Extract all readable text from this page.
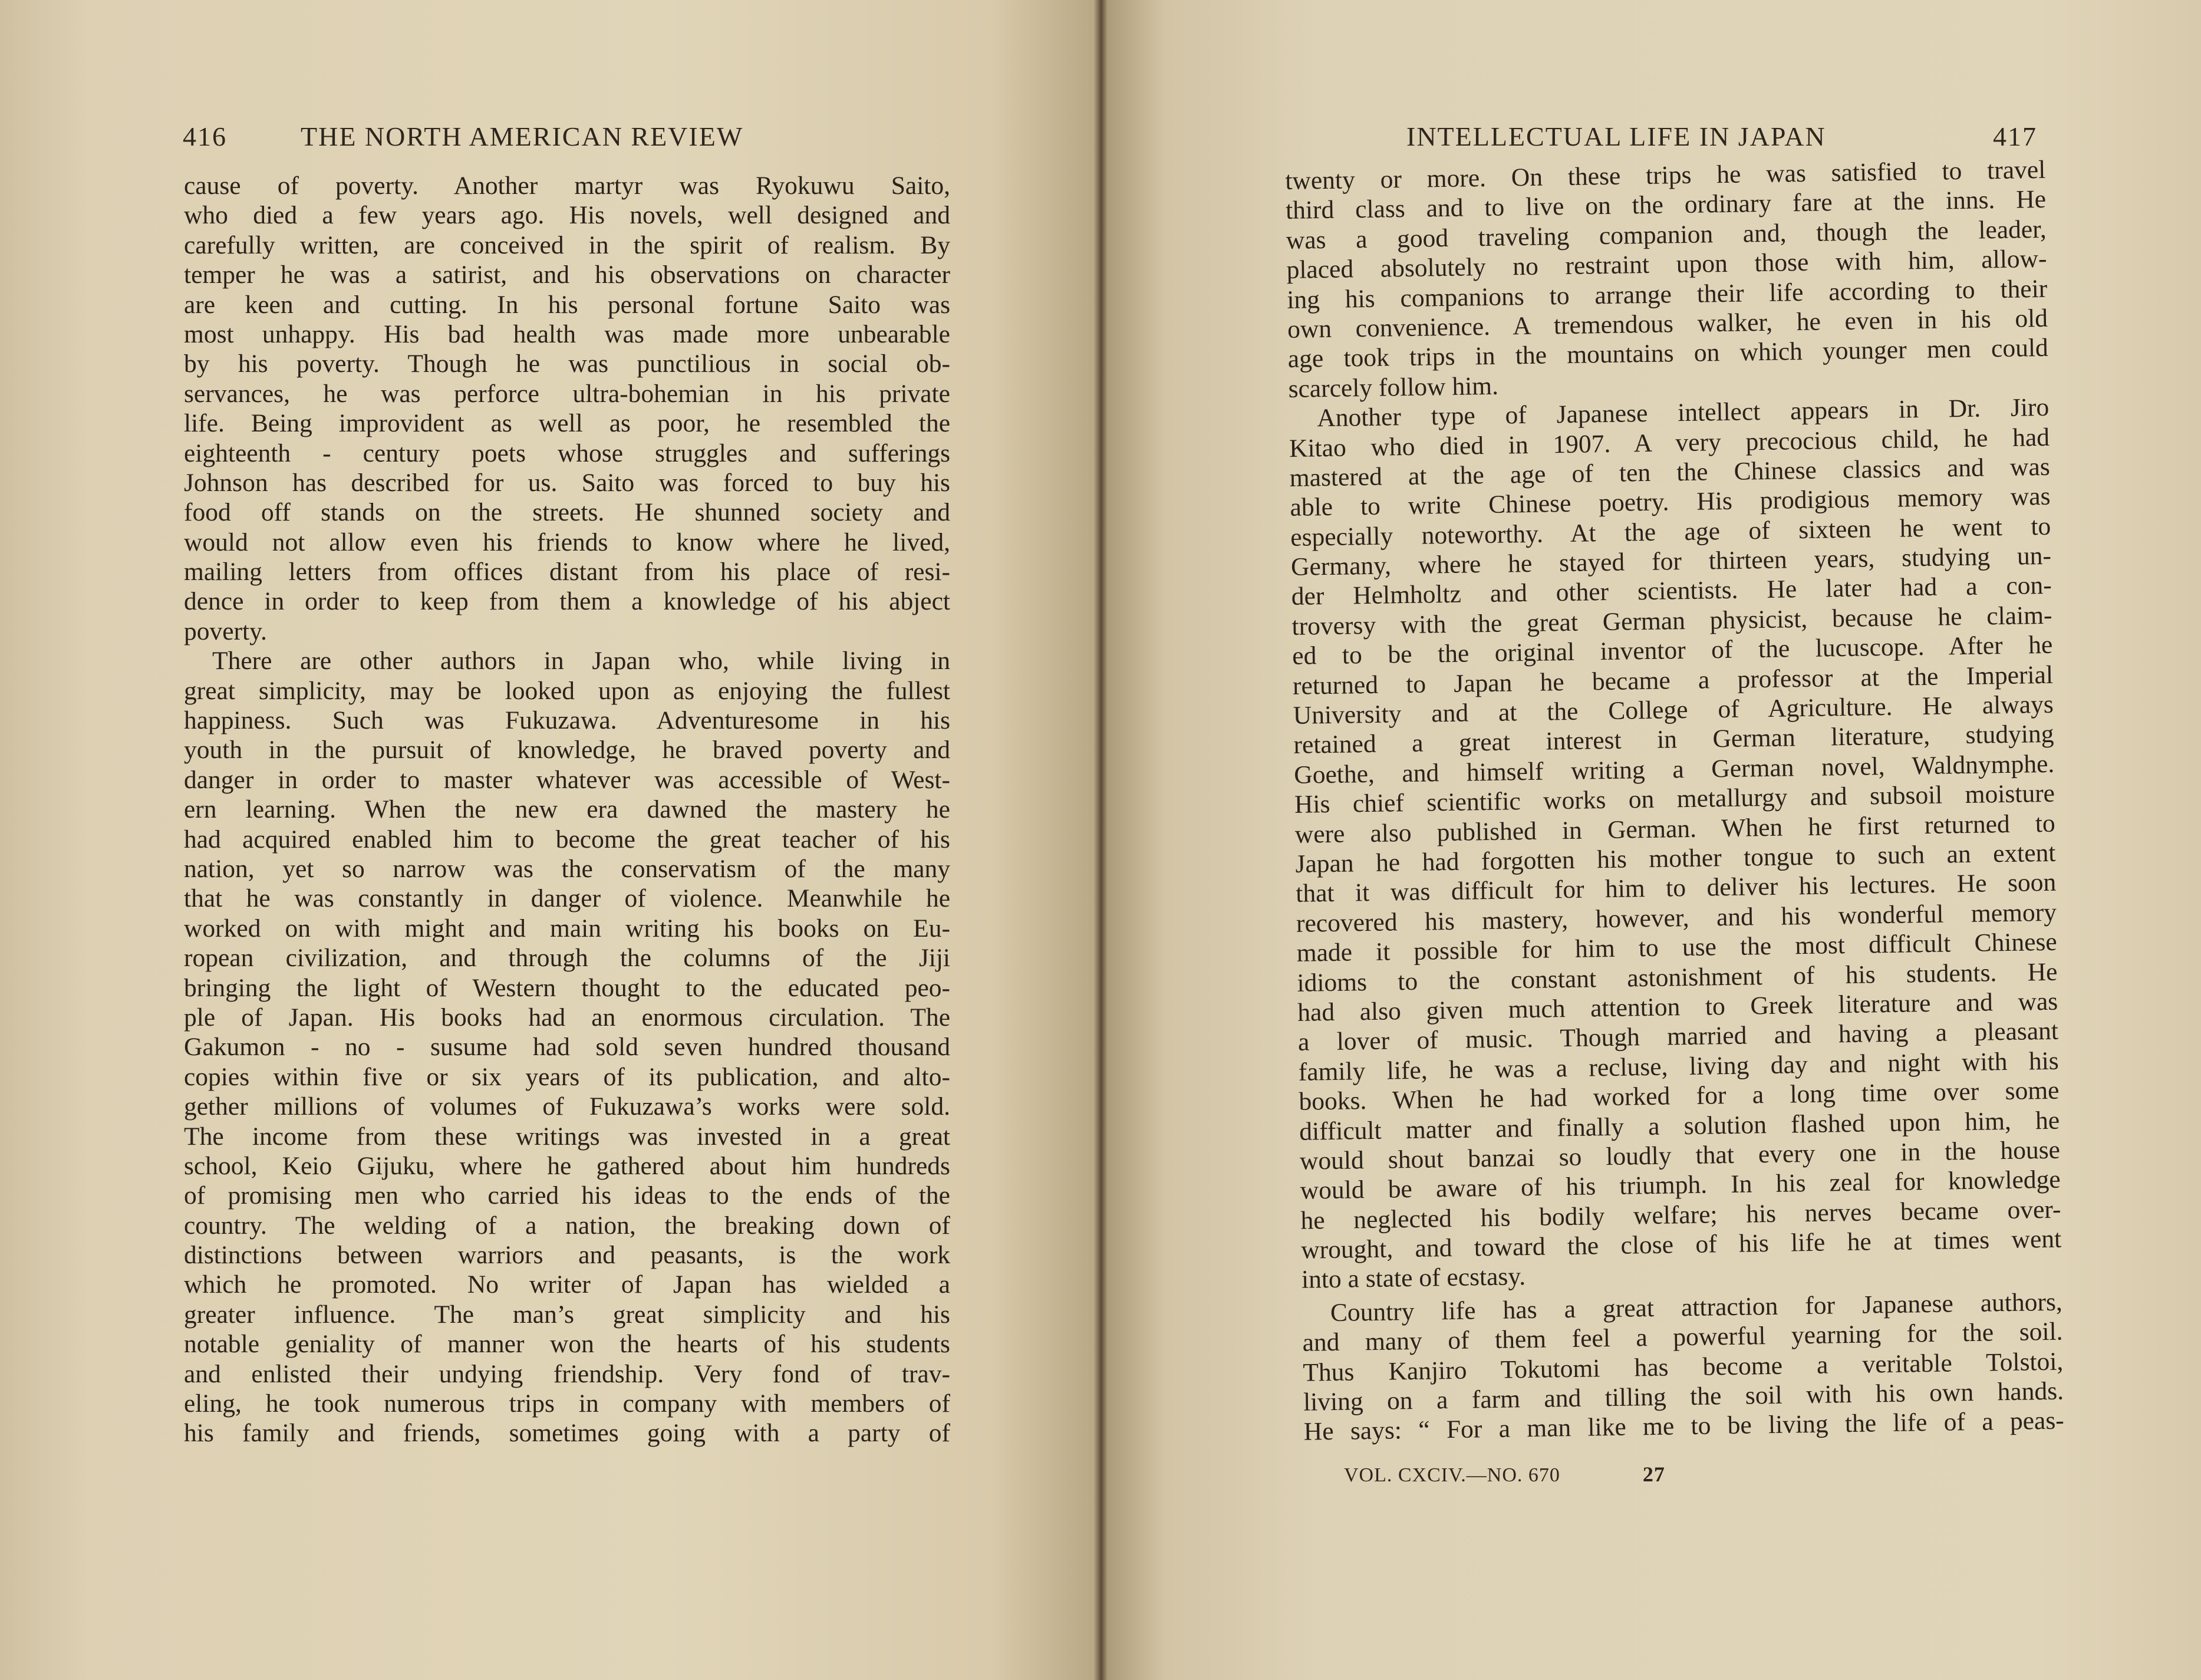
416	THE NORTH AMERICAN REVIEW
cause of poverty. Another martyr was Ryokuwu Saito,
who died a few years ago. His novels, well designed and
carefully written, are conceived in the spirit of realism. By
temper he was a satirist, and his observations on character
are keen and cutting. In his personal fortune Saito was
most unhappy. His bad health was made more unbearable
by his poverty. Though he was punctilious in social ob-
servances, he was perforce ultra-bohemian in his private
life. Being improvident as well as poor, he resembled the
eighteenth - century poets whose struggles and sufferings
Johnson has described for us. Saito was forced to buy his
food off stands on the streets. He shunned society and
would not allow even his friends to know where he lived,
mailing letters from offices distant from his place of resi-
dence in order to keep from them a knowledge of his abject
poverty.
There are other authors in Japan who, while living in
great simplicity, may be looked upon as enjoying the fullest
happiness. Such was Fukuzawa. Adventuresome in his
youth in the pursuit of knowledge, he braved poverty and
danger in order to master whatever was accessible of West-
ern learning. When the new era dawned the mastery he
had acquired enabled him to become the great teacher of his
nation, yet so narrow was the conservatism of the many
that he was constantly in danger of violence. Meanwhile he
worked on with might and main writing his books on Eu-
ropean civilization, and through the columns of the Jiji
bringing the light of Western thought to the educated peo-
ple of Japan. His books had an enormous circulation. The
Gakumon - no - susume had sold seven hundred thousand
copies within five or six years of its publication, and alto-
gether millions of volumes of Fukuzawa’s works were sold.
The income from these writings was invested in a great
school, Keio Gijuku, where he gathered about him hundreds
of promising men who carried his ideas to the ends of the
country. The welding of a nation, the breaking down of
distinctions between warriors and peasants, is the work
which he promoted. No writer of Japan has wielded a
greater influence. The man’s great simplicity and his
notable geniality of manner won the hearts of his students
and enlisted their undying friendship. Very fond of trav-
eling, he took numerous trips in company with members of
his family and friends, sometimes going with a party of
INTELLECTUAL LIFE IN JAPAN	417
twenty or more. On these trips he was satisfied to travel
third class and to live on the ordinary fare at the inns. He
was a good traveling companion and, though the leader,
placed absolutely no restraint upon those with him, allow-
ing his companions to arrange their life according to their
own convenience. A tremendous walker, he even in his old
age took trips in the mountains on which younger men could
scarcely follow him.
Another type of Japanese intellect appears in Dr. Jiro
Kitao who died in 1907. A very precocious child, he had
mastered at the age of ten the Chinese classics and was
able to write Chinese poetry. His prodigious memory was
especially noteworthy. At the age of sixteen he went to
Germany, where he stayed for thirteen years, studying un-
der Helmholtz and other scientists. He later had a con-
troversy with the great German physicist, because he claim-
ed to be the original inventor of the lucuscope. After he
returned to Japan he became a professor at the Imperial
University and at the College of Agriculture. He always
retained a great interest in German literature, studying
Goethe, and himself writing a German novel, Waldnymphe.
His chief scientific works on metallurgy and subsoil moisture
were also published in German. When he first returned to
Japan he had forgotten his mother tongue to such an extent
that it was difficult for him to deliver his lectures. He soon
recovered his mastery, however, and his wonderful memory
made it possible for him to use the most difficult Chinese
idioms to the constant astonishment of his students. He
had also given much attention to Greek literature and was
a lover of music. Though married and having a pleasant
family life, he was a recluse, living day and night with his
books. When he had worked for a long time over some
difficult matter and finally a solution flashed upon him, he
would shout banzai so loudly that every one in the house
would be aware of his triumph. In his zeal for knowledge
he neglected his bodily welfare; his nerves became over-
wrought, and toward the close of his life he at times went
into a state of ecstasy.
Country life has a great attraction for Japanese authors,
and many of them feel a powerful yearning for the soil.
Thus Kanjiro Tokutomi has become a veritable Tolstoi,
living on a farm and tilling the soil with his own hands.
He says: “ For a man like me to be living the life of a peas-
VOL. CXCIV.—NO. 670	27
